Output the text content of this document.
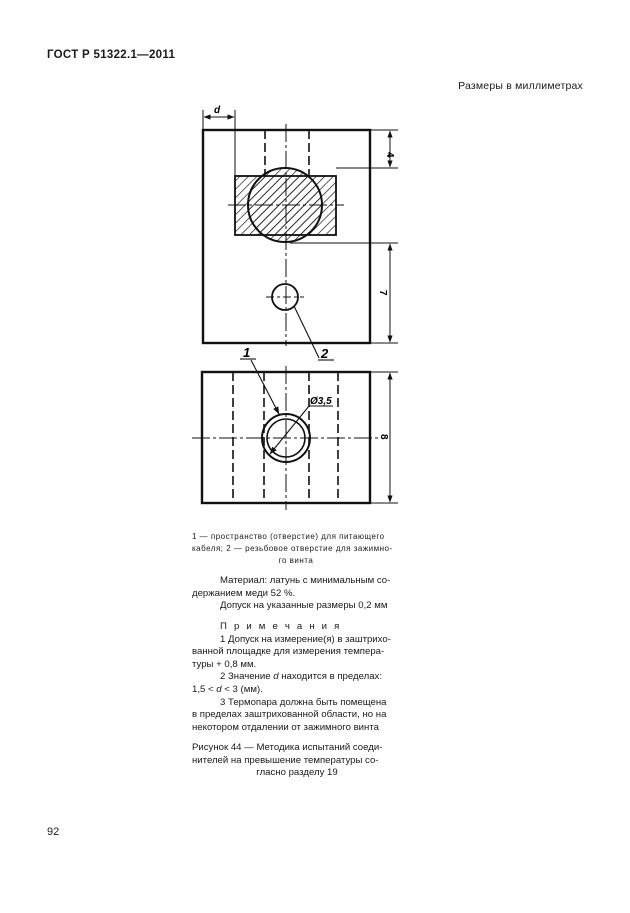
ГОСТ Р 51322.1—2011
Размеры в миллиметрах
d
4
7
2
1
Ø3,5
8
1 — пространство (отверстие) для питающего
кабеля; 2 — резьбовое отверстие для зажимно-
го винта
Материал: латунь с минимальным со-
держанием меди 52 %.
Допуск на указанные размеры 0,2 мм
П р и м е ч а н и я
1 Допуск на измерение(я) в заштрихо-
ванной площадке для измерения темпера-
туры + 0,8 мм.
2 Значение d находится в пределах:
1,5 < d < 3 (мм).
3 Термопара должна быть помещена
в пределах заштрихованной области, но на
некотором отдалении от зажимного винта
Рисунок 44 — Методика испытаний соеди-
нителей на превышение температуры со-
гласно разделу 19
92
